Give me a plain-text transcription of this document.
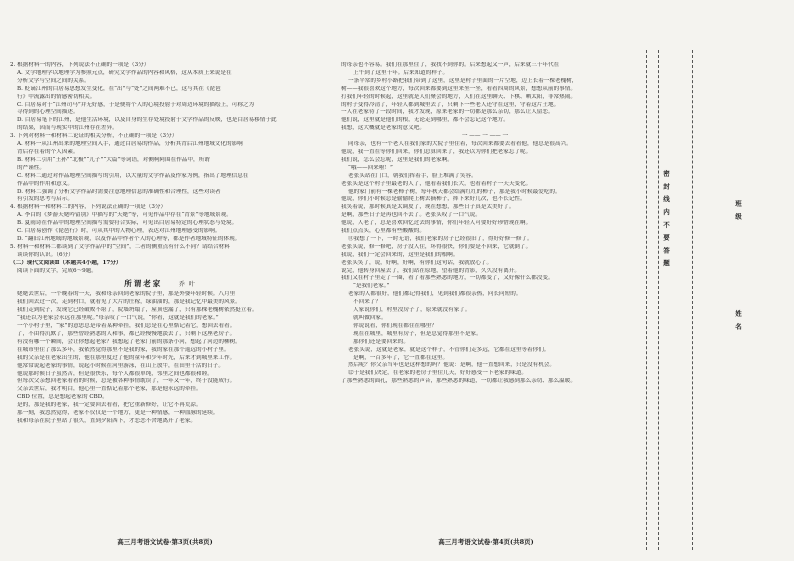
2. 根据材料一的内容，下列说法不正确的一项是（3分）
A. 文学地理学以地理学为参照元点，研究文学作品的内容和风格，这从本质上来说是在
分析文学与空间之间的关系。
B. 贬谪江州的白居易思想发生变化，在“出”与“处”之间两难不已，这与其在《琵琶
行》中流露出的情感密切相关。
C. 白居易对于“江州司马”并无好感，于是便将个人的心境投射于对周边环境的描绘上，可称之为
寻得到的心理空间描述。
D. 白居易笔下的江州，是他生活环境，以及自身的生存处境投射于文学作品的反映，也是白居易移情于此
的结果，因而与现实中的江州存在差异。
3. 下列对材料一和材料二论证的相关分析，不正确的一项是（3分）
A. 材料一从江州出来的地理空间入手，通过白居易的作品，分析其背后江州地域文化的影响
背后存在着的个人因素。
B. 材料二引用“王孙”“北极”“儿子”“大篇”等词语，对侧柯阿围在作品中，所谓
的严谨性。
C. 材料二通过对作品地理空间描写的引用，以大量的文学作品及作家为例，指出了地理信息在
作品中的作用和意义。
D. 材料二强调了分析文学作品时需要注意地理信息的准确性和合理性，这些对读者
有引发的思考与启示。
4. 根据材料一和材料二的内容，下列说法正确的一项是（3分）
A. 李白的《梦游天姥吟留别》中描写的“天姥”等，可见作品中存在“背景”等地域景观。
B. 夏雨诗在作品中的地理空间描写需要符合实际，可见出白居易特定的心理状态与处境。
C. 白居易创作《琵琶行》时，可从其中的人物心理，表达对江州地理感受的影响。
D. “翻旧江州地域的地域景观，以及作品中作者个人的心理等，都是作者地域特征的体现。
5. 材料一和材料二都谈到了文学作品中的“空间”，二者的侧重点有什么不同？请结合材料
谈谈你的认识。（6分）
（二）现代文阅读Ⅱ（本题共4小题，17分）
阅读下面的文字，完成6～9题。
所谓老家	乔 叶
姥姥去世后，一个晚春的一天，我和母亲回到老家的院子里，那是外婆年轻时候。八月里
我们回去过一次，走到村口，就看见了大片的庄稼，绿油油的，那是我记忆中最美的风景。
我们走到院子，发现它已经破败不堪了，院墙坍塌了，屋顶也漏了，只有那棵老槐树依然挺立着。
“我还以为老家会永远在那里呢。”母亲叹了一口气说，“你看，这就是我们的老家。”
一个小村子里，“家”的意思总是带着某种牵挂，我们总是在心里惦记着它，想回去看看。
了，不由得沉默了，那些曾经熟悉的人和事，都已经慢慢地淡去了，只剩下这座老房子。
有没有哪一个瞬间，会让你想起老家？我想起了老家门前的那条小河，想起了河边的柳树。
在城市里住了那么多年，我依然觉得那里不是我的家，我的家在那个遥远的小村子里。
我的父亲是在老家出生的，他在那里度过了他的童年和少年时光，后来才到城里来工作。
他常常说起老家的事情，说起小时候在河里游泳，在山上放牛，在田里干活的日子。
他说那时候日子虽然苦，但是很快乐，每个人都很单纯，邻里之间也都很和睦。
但每次父亲想回老家看看的时候，总是被各种事情耽误了，一年又一年，终于没能成行。
父亲去世后，我才明白，他心里一直惦记着那个老家，那是他永远的牵挂。
CBD 位置，总是想起老家的 CBD。
是的，那是我的老家，我一定要回去看看，把它重新修好，让它不再荒凉。
那一刻，我忽然觉得，老家不仅仅是一个地方，更是一种情感，一种血脉的延续。
我和母亲在院子里站了很久，直到夕阳西下，才恋恋不舍地离开了老家。
高三月考语文试卷·第3页(共8页)
的母亲也不容易。我们在那里住了，我找不到你的。后来想起又一声，后来就三十年代在
上午到了这里十年。后来知道的样子。
一条平常的乡村小路把我们带到了这里，这里是村子里面的一片空地，边上长着一棵老槐树，
树——我很喜欢这个地方，每次回来都要到这里来坐一坐，看看四周的风景，想想从前的事情。
打我们年轻的时候起，这里就是人们聚会的地方，人们在这里聊天、下棋、晒太阳，非常热闹。
的村子变得冷清了，年轻人都到城里去了，只剩下一些老人还守在这里，守着这片土地。
一人在老家待了一段时间，我才发现，原来老家的一切都是那么亲切，那么让人留恋。
他们说，这里就是他们的根，无论走到哪里，都不会忘记这个地方。
我想，这大概就是老家的意义吧。
一 —— 一 —— 一
同母亲，也有一个老人在我们家的大院子里住着，每次回来都要去看看他，他总是很高兴。
他说，我一直在等你们回来，你们总算回来了，我还以为你们把老家忘了呢。
我们说，怎么会忘呢，这里是我们的老家啊。
“哦——回来啦！”
老张头站在门口，朝我们挥着手，脸上堆满了笑容。
老张头是这个村子里最老的人了，他看着我们长大，也看着村子一天天变化。
他的家门前有一棵老柿子树，每年秋天都会结满红红的柿子，那是我小时候最爱吃的。
他说，你们小时候总是偷偷爬上树去摘柿子，摔下来好几次，也不长记性。
我笑着说，那时候真是太调皮了，现在想想，那些日子真是太美好了。
是啊，那些日子是再也回不去了。老张头叹了一口气说。
他说，人老了，总是喜欢回忆过去的事情，你们年轻人可要好好珍惜现在啊。
我们点点头，心里都有些酸酸的。
⑪我想了一下，一时无语，我们老家的房子已经很旧了，得好好修一修了。
老张头说，修一修吧，房子没人住，坏得很快，你们要是不回来，它就倒了。
我说，我们一定会回来的，这里是我们的根啊。
老张头笑了，说，好啊，好啊，有你们这句话，我就放心了。
说完，他转身回屋去了，我们站在原地，望着他的背影，久久没有离开。
我们又在村子里走了一圈，看了看那些熟悉的地方，一切都变了，又好像什么都没变。
“是我们老家。”
老家的人都很好，他们都记得我们，见到我们都很亲热，问长问短的。
不回来了？
人家说你们，村里没房子了，原来就没有家了。
就叫做回家。
你说说看，你们现在都住在哪里？
现在在城里，城里有房子，但是总觉得那里不是家。
那你们还是要回来的。
老张头说，这就是老家，就是这个样子，不管你们走多远，它都在这里等着你们。
是啊，一百多年了，它一直都在这里。
然后呢？你父亲当年也是这样想的吗？他说：是啊，他一直想回来，只是没有机会。
⑫于是我们决定，在老家的老房子里住几天，好好感受一下老家的味道。
了那些熟悉的面孔，那些熟悉的声音，那些熟悉的味道，一切都让我感到那么亲切、那么温暖。
高三月考语文试卷·第4页(共8页)
密 封 线 内 不 要 答 题	班 级
姓 名
